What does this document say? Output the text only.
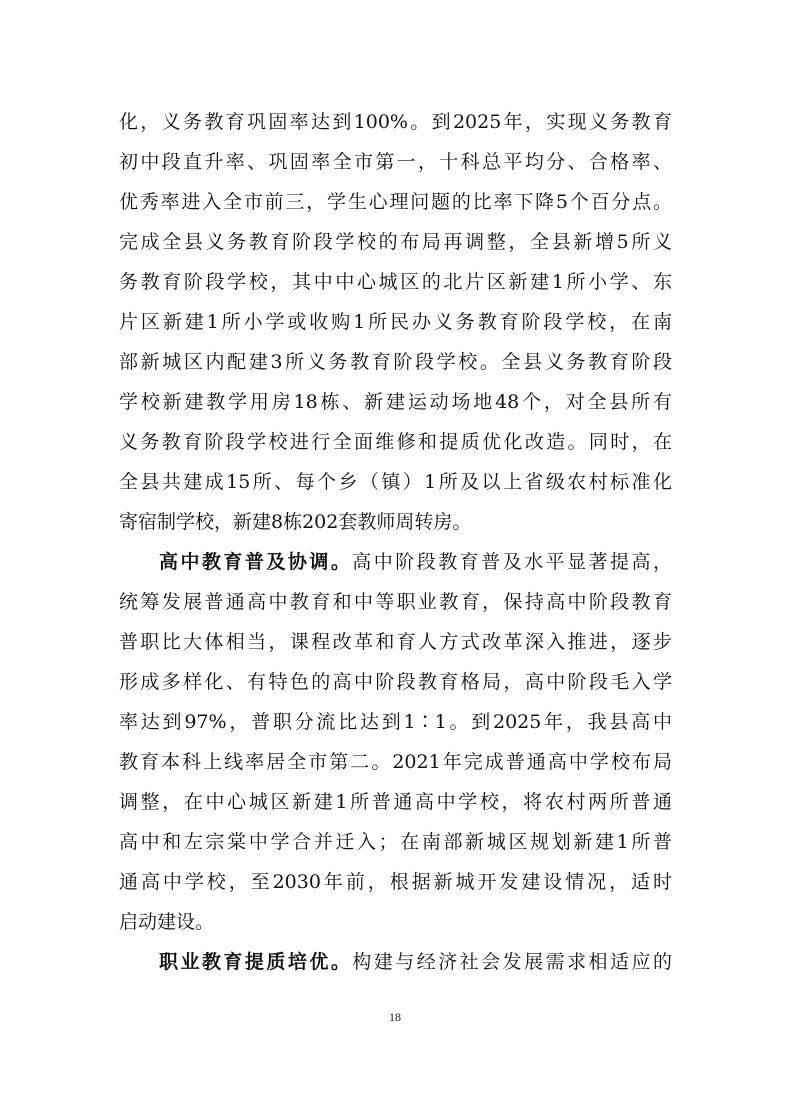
化，义务教育巩固率达到100%。到2025年，实现义务教育
初中段直升率、巩固率全市第一，十科总平均分、合格率、
优秀率进入全市前三，学生心理问题的比率下降5个百分点。
完成全县义务教育阶段学校的布局再调整，全县新增5所义
务教育阶段学校，其中中心城区的北片区新建1所小学、东
片区新建1所小学或收购1所民办义务教育阶段学校，在南
部新城区内配建3所义务教育阶段学校。全县义务教育阶段
学校新建教学用房18栋、新建运动场地48个，对全县所有
义务教育阶段学校进行全面维修和提质优化改造。同时，在
全县共建成15所、每个乡（镇）1所及以上省级农村标准化
寄宿制学校，新建8栋202套教师周转房。
高中教育普及协调。高中阶段教育普及水平显著提高，
统筹发展普通高中教育和中等职业教育，保持高中阶段教育
普职比大体相当，课程改革和育人方式改革深入推进，逐步
形成多样化、有特色的高中阶段教育格局，高中阶段毛入学
率达到97%，普职分流比达到1∶1。到2025年，我县高中
教育本科上线率居全市第二。2021年完成普通高中学校布局
调整，在中心城区新建1所普通高中学校，将农村两所普通
高中和左宗棠中学合并迁入；在南部新城区规划新建1所普
通高中学校，至2030年前，根据新城开发建设情况，适时
启动建设。
职业教育提质培优。构建与经济社会发展需求相适应的
18
